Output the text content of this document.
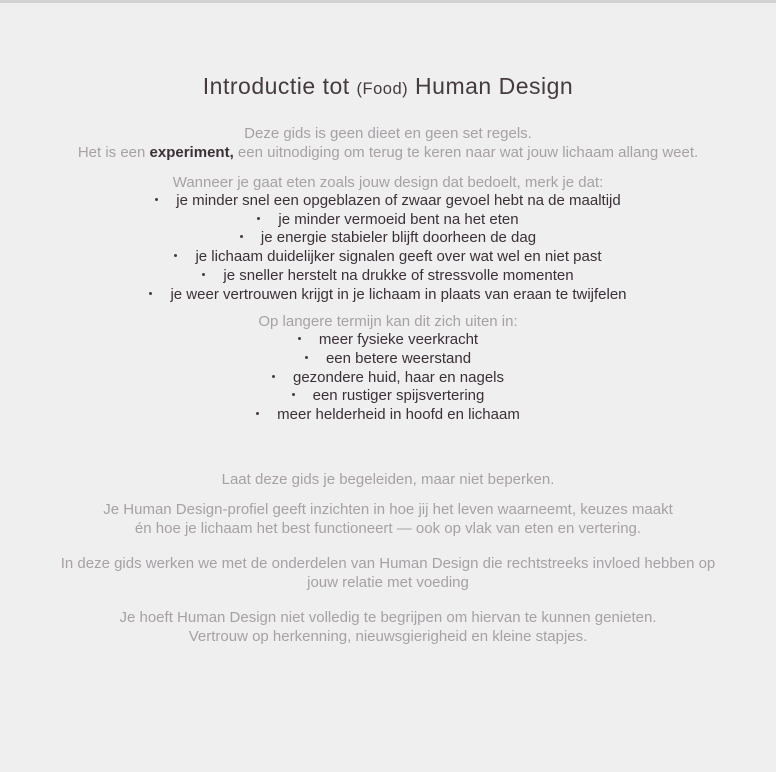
Introductie tot (Food) Human Design

Deze gids is geen dieet en geen set regels.
Het is een experiment, een uitnodiging om terug te keren naar wat jouw lichaam allang weet.

Wanneer je gaat eten zoals jouw design dat bedoelt, merk je dat:

je minder snel een opgeblazen of zwaar gevoel hebt na de maaltijd
je minder vermoeid bent na het eten
je energie stabieler blijft doorheen de dag
je lichaam duidelijker signalen geeft over wat wel en niet past
je sneller herstelt na drukke of stressvolle momenten
je weer vertrouwen krijgt in je lichaam in plaats van eraan te twijfelen

Op langere termijn kan dit zich uiten in:

meer fysieke veerkracht
een betere weerstand
gezondere huid, haar en nagels
een rustiger spijsvertering
meer helderheid in hoofd en lichaam

Laat deze gids je begeleiden, maar niet beperken.

Je Human Design-profiel geeft inzichten in hoe jij het leven waarneemt, keuzes maakt
én hoe je lichaam het best functioneert — ook op vlak van eten en vertering.

In deze gids werken we met de onderdelen van Human Design die rechtstreeks invloed hebben op
jouw relatie met voeding

Je hoeft Human Design niet volledig te begrijpen om hiervan te kunnen genieten.
Vertrouw op herkenning, nieuwsgierigheid en kleine stapjes.
